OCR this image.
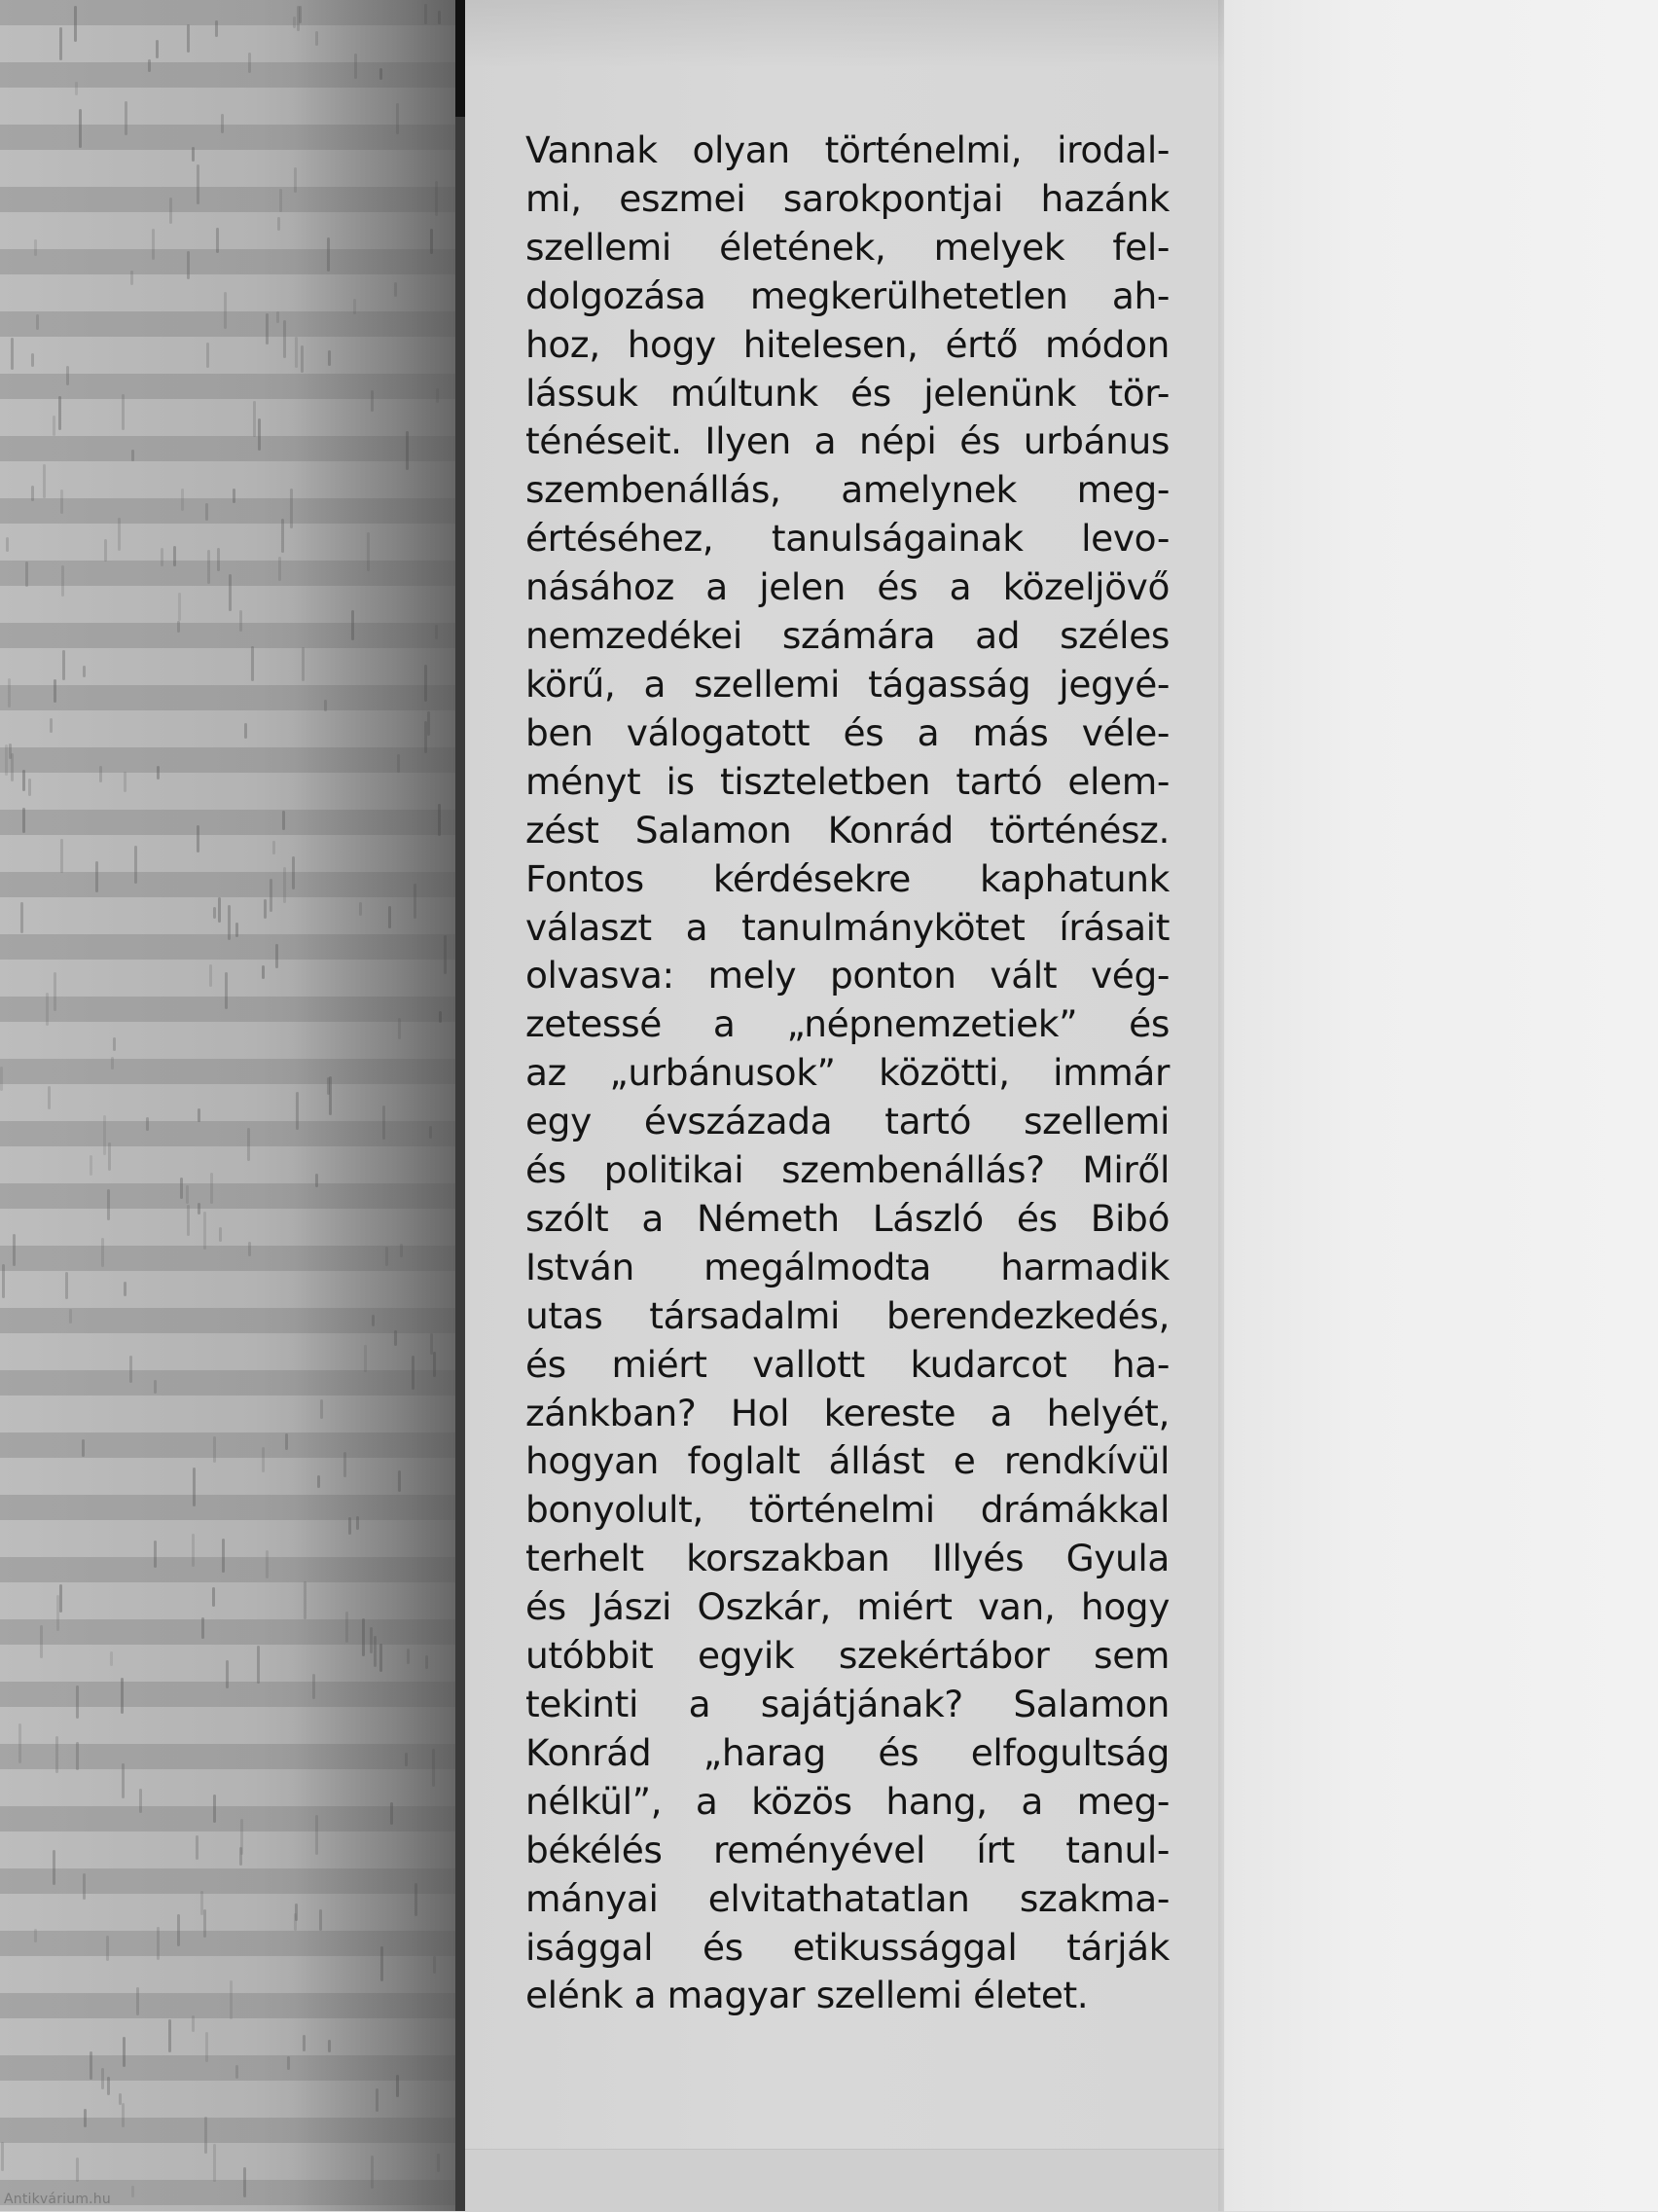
Vannak olyan történelmi, irodal-
mi, eszmei sarokpontjai hazánk
szellemi életének, melyek fel-
dolgozása megkerülhetetlen ah-
hoz, hogy hitelesen, értő módon
lássuk múltunk és jelenünk tör-
ténéseit. Ilyen a népi és urbánus
szembenállás, amelynek meg-
értéséhez, tanulságainak levo-
násához a jelen és a közeljövő
nemzedékei számára ad széles
körű, a szellemi tágasság jegyé-
ben válogatott és a más véle-
ményt is tiszteletben tartó elem-
zést Salamon Konrád történész.
Fontos kérdésekre kaphatunk
választ a tanulmánykötet írásait
olvasva: mely ponton vált vég-
zetessé a „népnemzetiek” és
az „urbánusok” közötti, immár
egy évszázada tartó szellemi
és politikai szembenállás? Miről
szólt a Németh László és Bibó
István megálmodta harmadik
utas társadalmi berendezkedés,
és miért vallott kudarcot ha-
zánkban? Hol kereste a helyét,
hogyan foglalt állást e rendkívül
bonyolult, történelmi drámákkal
terhelt korszakban Illyés Gyula
és Jászi Oszkár, miért van, hogy
utóbbit egyik szekértábor sem
tekinti a sajátjának? Salamon
Konrád „harag és elfogultság
nélkül”, a közös hang, a meg-
békélés reményével írt tanul-
mányai elvitathatatlan szakma-
isággal és etikussággal tárják
elénk a magyar szellemi életet.
Antikvárium.hu
